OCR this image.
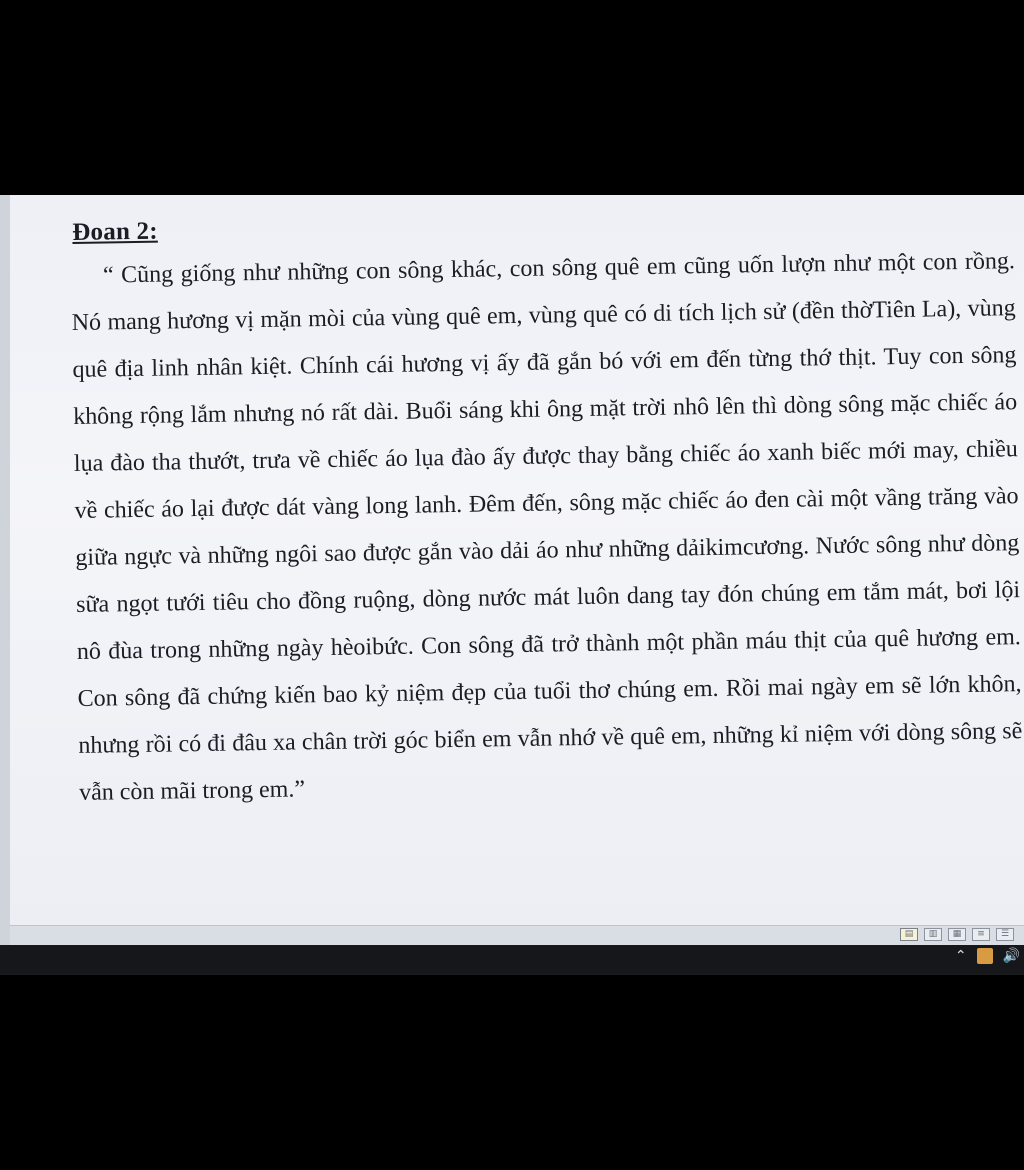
Đoan 2:

“ Cũng giống như những con sông khác, con sông quê em cũng uốn lượn như một con rồng. Nó mang hương vị mặn mòi của vùng quê em, vùng quê có di tích lịch sử (đền thờTiên La), vùng quê địa linh nhân kiệt. Chính cái hương vị ấy đã gắn bó với em đến từng thớ thịt. Tuy con sông không rộng lắm nhưng nó rất dài. Buổi sáng khi ông mặt trời nhô lên thì dòng sông mặc chiếc áo lụa đào tha thướt, trưa về chiếc áo lụa đào ấy được thay bằng chiếc áo xanh biếc mới may, chiều về chiếc áo lại được dát vàng long lanh. Đêm đến, sông mặc chiếc áo đen cài một vầng trăng vào giữa ngực và những ngôi sao được gắn vào dải áo như những dảikimcương. Nước sông như dòng sữa ngọt tưới tiêu cho đồng ruộng, dòng nước mát luôn dang tay đón chúng em tắm mát, bơi lội nô đùa trong những ngày hèoibức. Con sông đã trở thành một phần máu thịt của quê hương em. Con sông đã chứng kiến bao kỷ niệm đẹp của tuổi thơ chúng em. Rồi mai ngày em sẽ lớn khôn, nhưng rồi có đi đâu xa chân trời góc biển em vẫn nhớ về quê em, những kỉ niệm với dòng sông sẽ vẫn còn mãi trong em.”

▤	▥	▦	≡	☰
⌃	🔊
